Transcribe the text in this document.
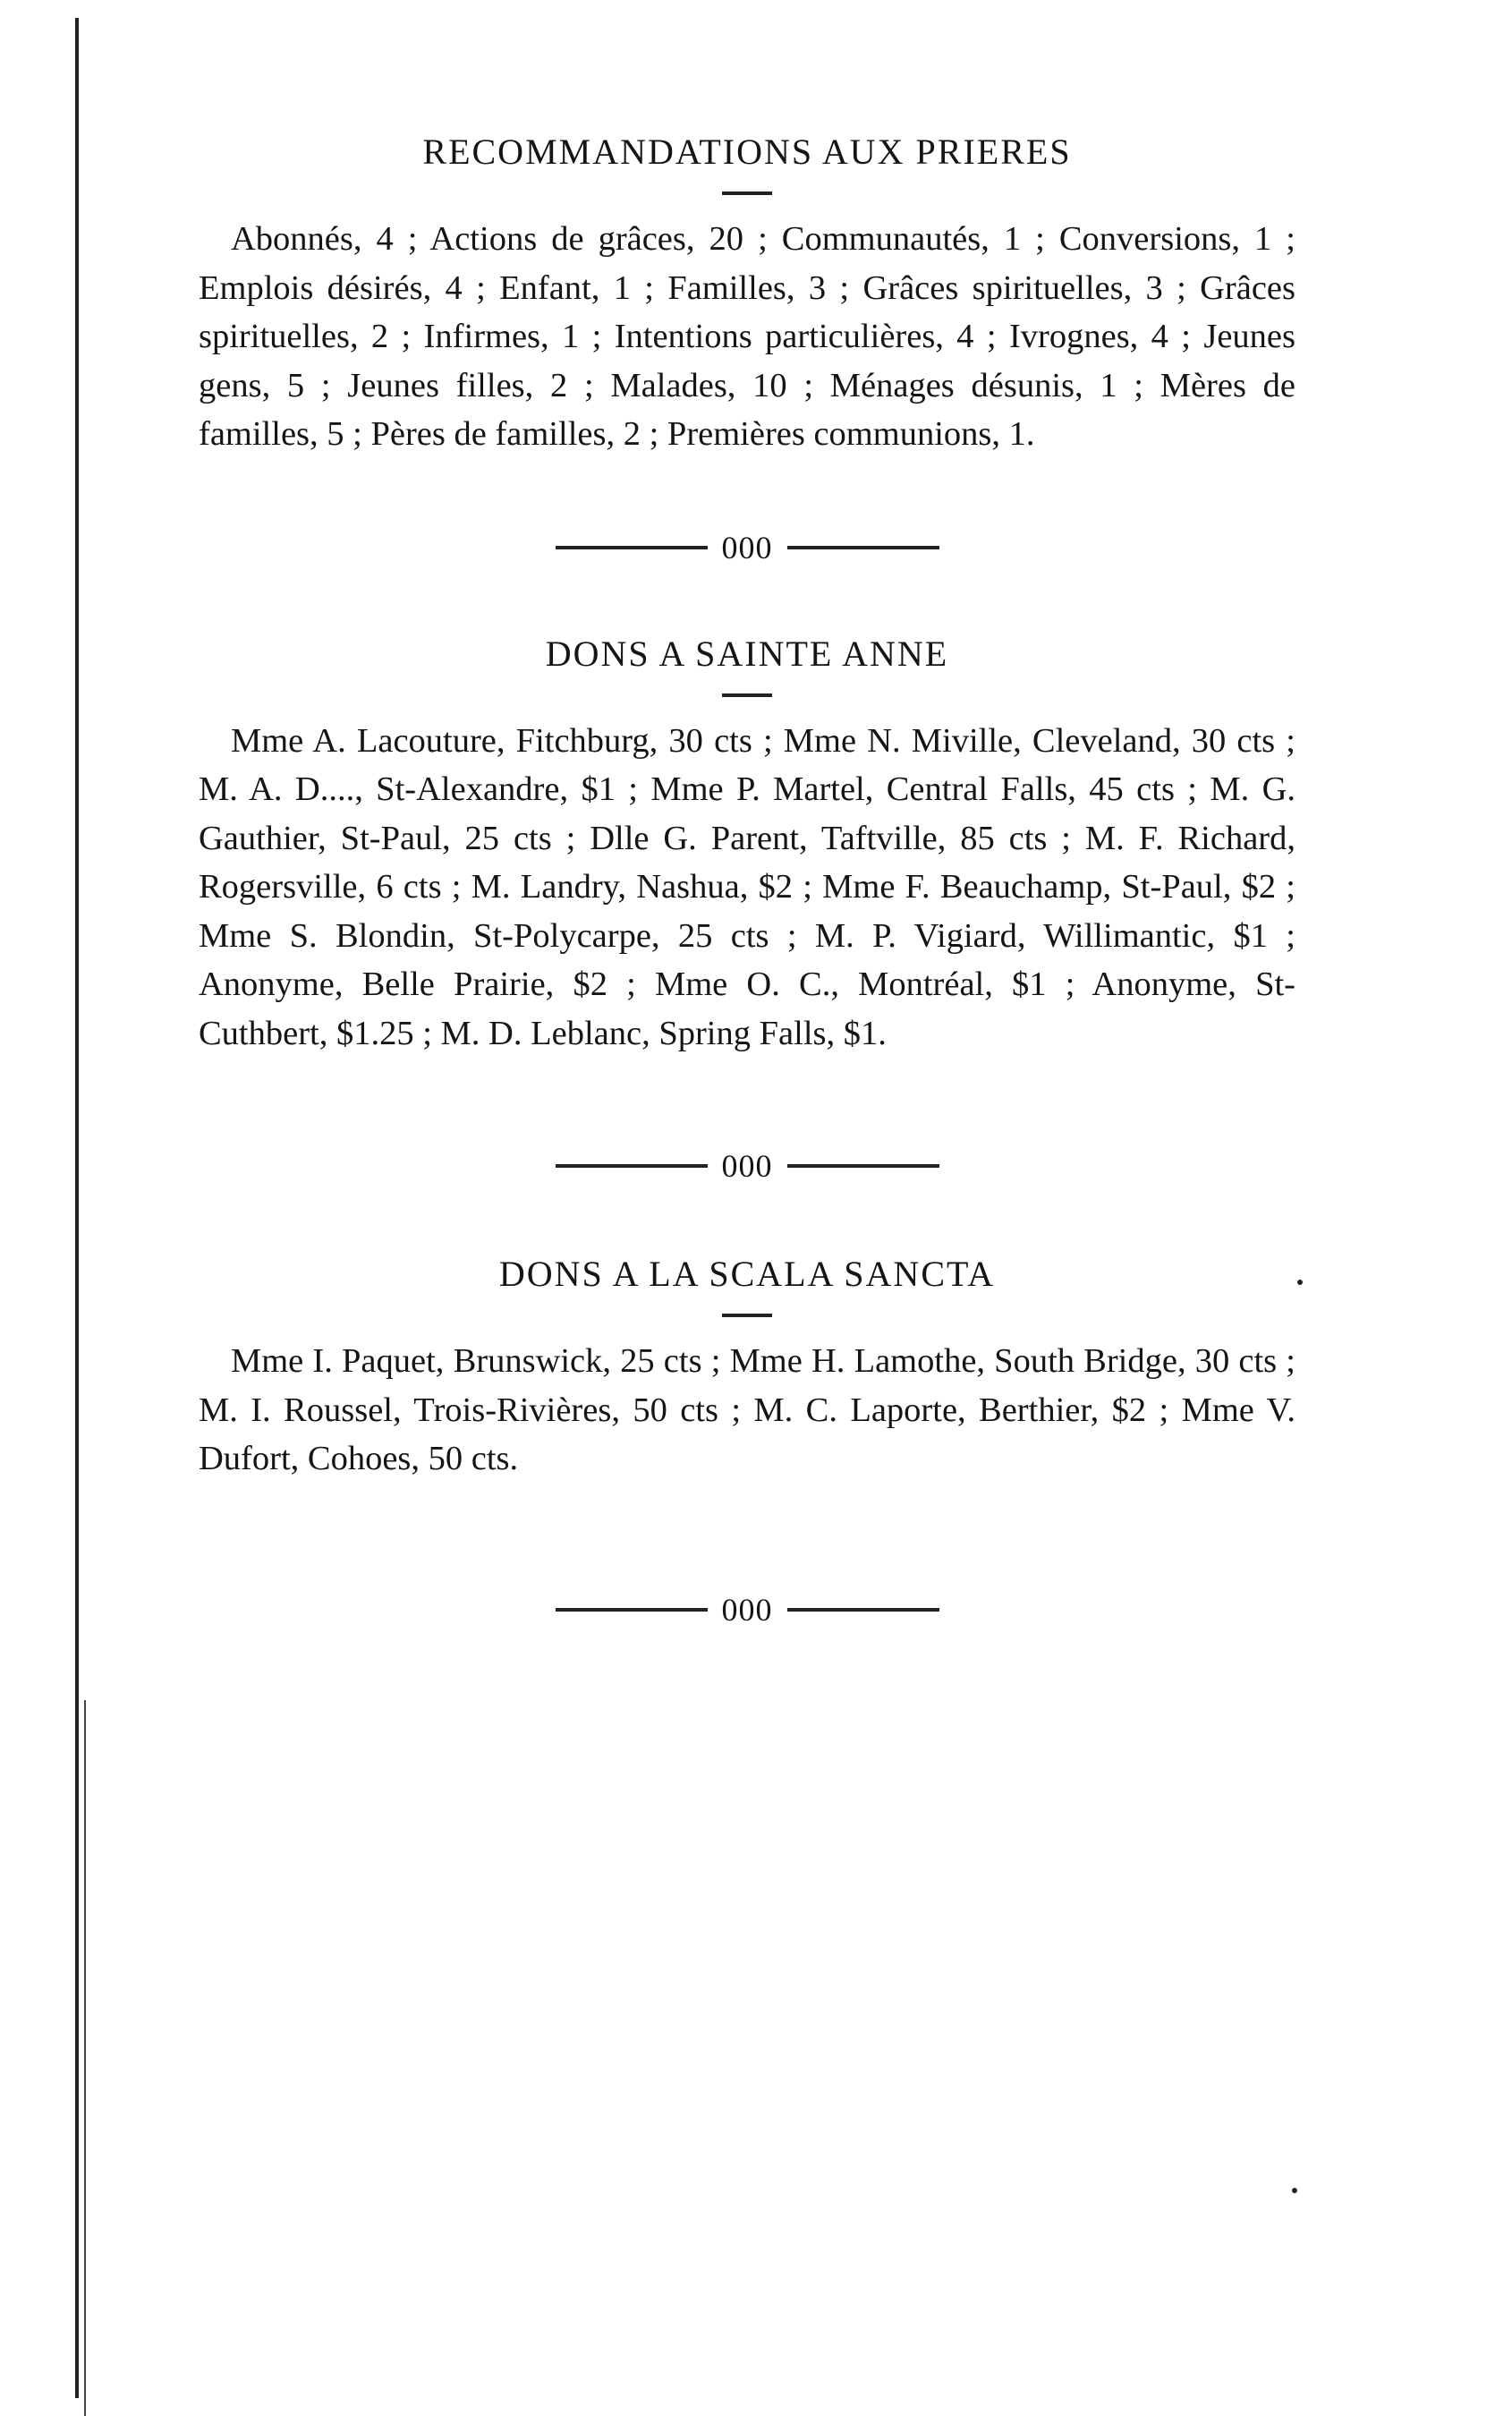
RECOMMANDATIONS AUX PRIERES

Abonnés, 4 ; Actions de grâces, 20 ; Communautés, 1 ; Conversions, 1 ; Emplois désirés, 4 ; Enfant, 1 ; Familles, 3 ; Grâces spirituelles, 3 ; Grâces spirituelles, 2 ; Infirmes, 1 ; Intentions particulières, 4 ; Ivrognes, 4 ; Jeunes gens, 5 ; Jeunes filles, 2 ; Malades, 10 ; Ménages désunis, 1 ; Mères de familles, 5 ; Pères de familles, 2 ; Premières communions, 1.

000
DONS A SAINTE ANNE

Mme A. Lacouture, Fitchburg, 30 cts ; Mme N. Miville, Cleveland, 30 cts ; M. A. D...., St-Alexandre, $1 ; Mme P. Martel, Central Falls, 45 cts ; M. G. Gauthier, St-Paul, 25 cts ; Dlle G. Parent, Taftville, 85 cts ; M. F. Richard, Rogersville, 6 cts ; M. Landry, Nashua, $2 ; Mme F. Beauchamp, St-Paul, $2 ; Mme S. Blondin, St-Polycarpe, 25 cts ; M. P. Vigiard, Willimantic, $1 ; Anonyme, Belle Prairie, $2 ; Mme O. C., Montréal, $1 ; Anonyme, St-Cuthbert, $1.25 ; M. D. Leblanc, Spring Falls, $1.

000
DONS A LA SCALA SANCTA

Mme I. Paquet, Brunswick, 25 cts ; Mme H. Lamothe, South Bridge, 30 cts ; M. I. Roussel, Trois-Rivières, 50 cts ; M. C. Laporte, Berthier, $2 ; Mme V. Dufort, Cohoes, 50 cts.

000
